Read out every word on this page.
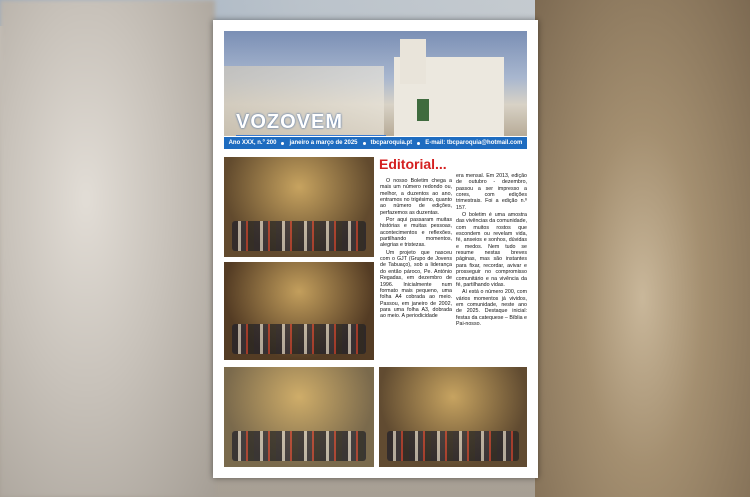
VOZOVEM
Ano XXX, n.º 200 janeiro a março de 2025 tbcparoquia.pt E-mail: tbcparoquia@hotmail.com
Editorial...

O nosso Boletim chega a mais um número redondo ou, melhor, a duzentos ao ano, entramos no trigésimo, quanto ao número de edições, perfazemos as duzentas.

Por aqui passaram muitas histórias e muitas pessoas, acontecimentos e reflexões, partilhando momentos, alegrias e tristezas.

Um projeto que nasceu com o GJT (Grupo de Jovens de Tabuaço), sob a liderança do então pároco, Pe. António Regadas, em dezembro de 1996. Inicialmente num formato mais pequeno, uma folha A4 cobrada ao meio. Passou, em janeiro de 2002, para uma folha A3, dobrada ao meio. A periodicidade

era mensal. Em 2013, edição de outubro - dezembro, passou a ser impresso a cores, com edições trimestrais. Foi a edição n.º 157.

O boletim é uma amostra das vivências da comunidade, com muitos rostos que escondem ou revelam vida, fé, anseios e sonhos, dúvidas e medos. Nem tudo se resume nestas breves páginas, mas são instantes para fixar, recordar, avivar e prosseguir no compromisso comunitário e na vivência da fé, partilhando vidas.

Aí está o número 200, com vários momentos já vividos, em comunidade, neste ano de 2025. Destaque inicial: festas da catequese – Bíblia e Pai-nosso.
